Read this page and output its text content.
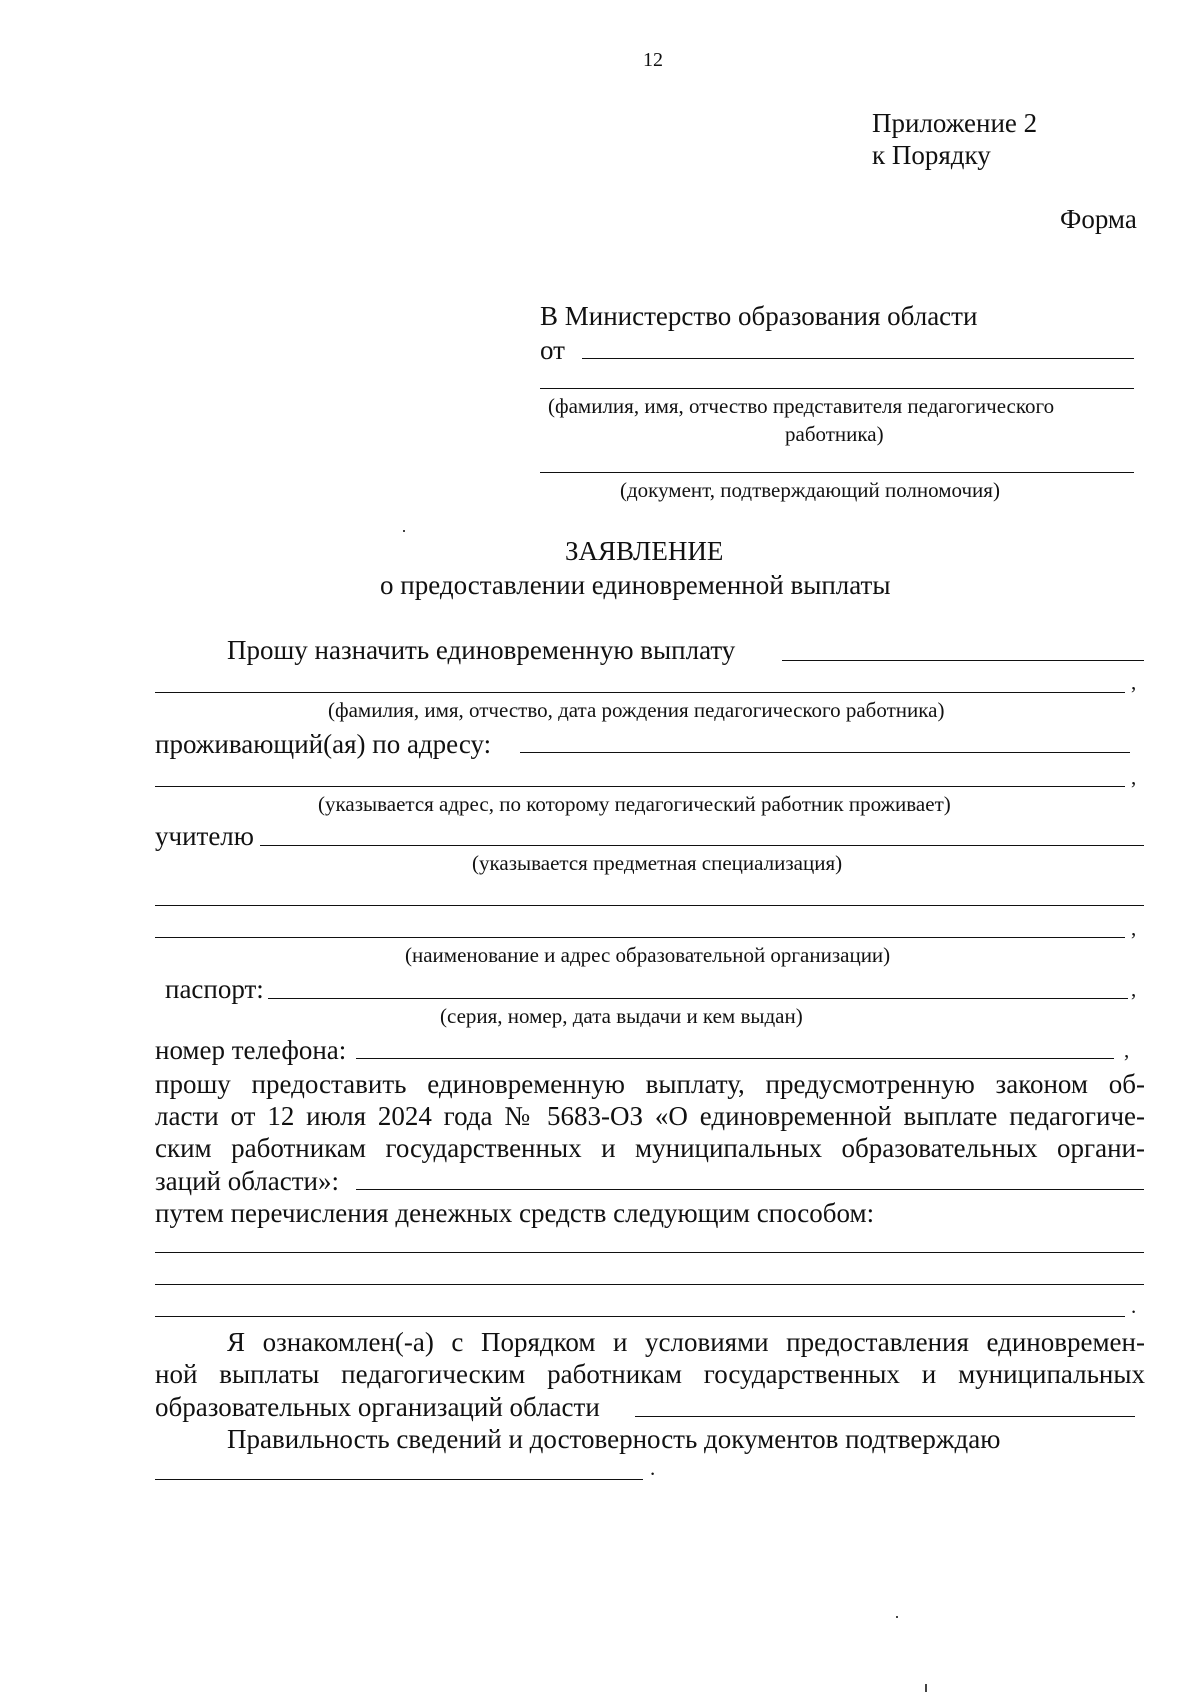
12
Приложение 2
к Порядку
Форма
В Министерство образования области
от
(фамилия, имя, отчество представителя педагогического
работника)
(документ, подтверждающий полномочия)
ЗАЯВЛЕНИЕ
о предоставлении единовременной выплаты
Прошу назначить единовременную выплату
,
(фамилия, имя, отчество, дата рождения педагогического работника)
проживающий(ая) по адресу:
,
(указывается адрес, по которому педагогический работник проживает)
учителю
(указывается предметная специализация)
,
(наименование и адрес образовательной организации)
паспорт:	,
(серия, номер, дата выдачи и кем выдан)
номер телефона:	,
прошу предоставить единовременную выплату, предусмотренную законом об-
ласти от 12 июля 2024 года № 5683-ОЗ «О единовременной выплате педагогиче-
ским работникам государственных и муниципальных образовательных органи-
заций области»:
путем перечисления денежных средств следующим способом:
.
Я ознакомлен(-а) с Порядком и условиями предоставления единовремен-
ной выплаты педагогическим работникам государственных и муниципальных
образовательных организаций области
Правильность сведений и достоверность документов подтверждаю
.
